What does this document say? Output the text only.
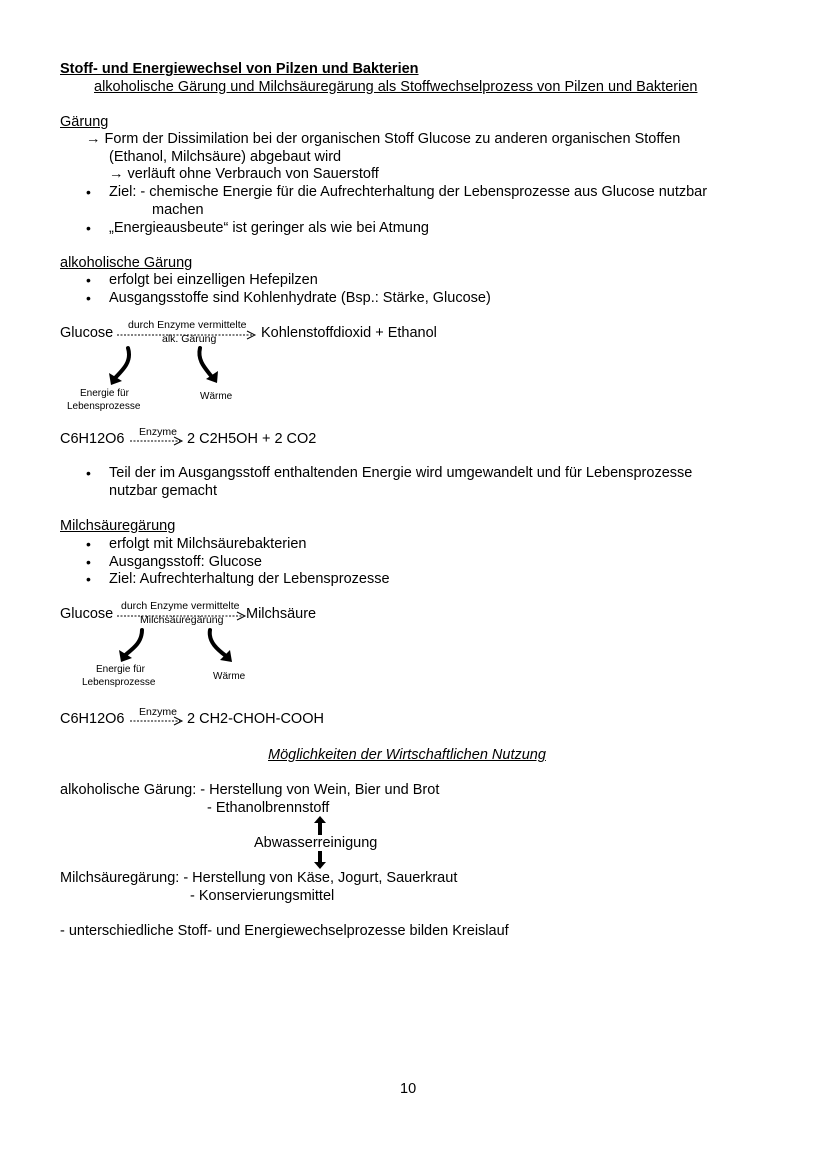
Stoff- und Energiewechsel von Pilzen und Bakterien
alkoholische Gärung und Milchsäuregärung als Stoffwechselprozess von Pilzen und Bakterien
Gärung
→ Form der Dissimilation bei der organischen Stoff Glucose zu anderen organischen Stoffen
(Ethanol, Milchsäure) abgebaut wird
→ verläuft ohne Verbrauch von Sauerstoff
• Ziel: - chemische Energie für die Aufrechterhaltung der Lebensprozesse aus Glucose nutzbar
machen
• „Energieausbeute“ ist geringer als wie bei Atmung
alkoholische Gärung
• erfolgt bei einzelligen Hefepilzen
• Ausgangsstoffe sind Kohlenhydrate (Bsp.: Stärke, Glucose)
Glucose durch Enzyme vermittelte
alk. Gärung	Kohlenstoffdioxid + Ethanol
Energie für
Lebensprozesse
Wärme
C6H12O6 Enzyme 2 C2H5OH + 2 CO2
• Teil der im Ausgangsstoff enthaltenden Energie wird umgewandelt und für Lebensprozesse
nutzbar gemacht
Milchsäuregärung
• erfolgt mit Milchsäurebakterien
• Ausgangsstoff: Glucose
• Ziel: Aufrechterhaltung der Lebensprozesse
Glucose durch Enzyme vermittelte
Milchsäuregärung Milchsäure
Energie für
Lebensprozesse
Wärme
C6H12O6 Enzyme 2 CH2-CHOH-COOH
Möglichkeiten der Wirtschaftlichen Nutzung
alkoholische Gärung: - Herstellung von Wein, Bier und Brot
- Ethanolbrennstoff
Abwasserreinigung
Milchsäuregärung: - Herstellung von Käse, Jogurt, Sauerkraut
- Konservierungsmittel
- unterschiedliche Stoff- und Energiewechselprozesse bilden Kreislauf
10
